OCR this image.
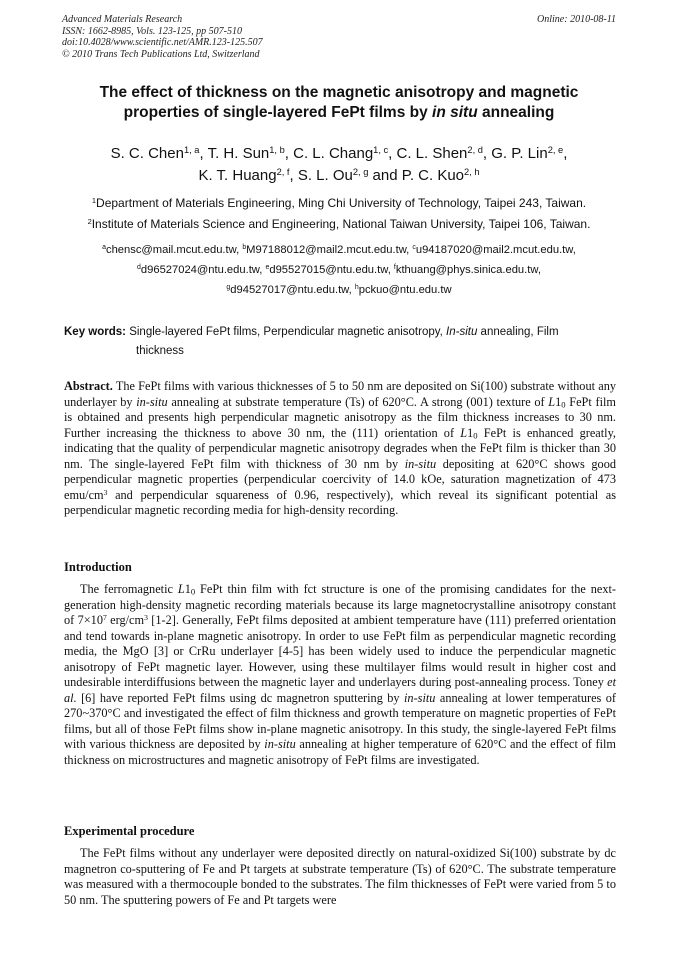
Advanced Materials Research
ISSN: 1662-8985, Vols. 123-125, pp 507-510
doi:10.4028/www.scientific.net/AMR.123-125.507
© 2010 Trans Tech Publications Ltd, Switzerland
Online: 2010-08-11
The effect of thickness on the magnetic anisotropy and magnetic
properties of single-layered FePt films by in situ annealing
S. C. Chen$^{1, a}$, T. H. Sun$^{1, b}$, C. L. Chang$^{1, c}$, C. L. Shen$^{2, d}$, G. P. Lin$^{2, e}$,
K. T. Huang$^{2, f}$, S. L. Ou$^{2, g}$ and P. C. Kuo$^{2, h}$
$^1$Department of Materials Engineering, Ming Chi University of Technology, Taipei 243, Taiwan.
$^2$Institute of Materials Science and Engineering, National Taiwan University, Taipei 106, Taiwan.
$^a$chensc@mail.mcut.edu.tw, $^b$M97188012@mail2.mcut.edu.tw, $^c$u94187020@mail2.mcut.edu.tw,
$^d$d96527024@ntu.edu.tw, $^e$d95527015@ntu.edu.tw, $^f$kthuang@phys.sinica.edu.tw,
$^g$d94527017@ntu.edu.tw, $^h$pckuo@ntu.edu.tw
Key words: Single-layered FePt films, Perpendicular magnetic anisotropy, In-situ annealing, Film
thickness
Abstract. The FePt films with various thicknesses of 5 to 50 nm are deposited on Si(100) substrate without any underlayer by in-situ annealing at substrate temperature (Ts) of 620°C. A strong (001) texture of $L1_0$ FePt film is obtained and presents high perpendicular magnetic anisotropy as the film thickness increases to 30 nm. Further increasing the thickness to above 30 nm, the (111) orientation of $L1_0$ FePt is enhanced greatly, indicating that the quality of perpendicular magnetic anisotropy degrades when the FePt film is thicker than 30 nm. The single-layered FePt film with thickness of 30 nm by in-situ depositing at 620°C shows good perpendicular magnetic properties (perpendicular coercivity of 14.0 kOe, saturation magnetization of 473 emu/$cm^3$ and perpendicular squareness of 0.96, respectively), which reveal its significant potential as perpendicular magnetic recording media for high-density recording.
Introduction
The ferromagnetic $L1_0$ FePt thin film with fct structure is one of the promising candidates for the next-generation high-density magnetic recording materials because its large magnetocrystalline anisotropy constant of $7\times 10^7$ erg/$cm^3$ [1-2]. Generally, FePt films deposited at ambient temperature have (111) preferred orientation and tend towards in-plane magnetic anisotropy. In order to use FePt film as perpendicular magnetic recording media, the MgO [3] or CrRu underlayer [4-5] has been widely used to induce the perpendicular magnetic anisotropy of FePt magnetic layer. However, using these multilayer films would result in higher cost and undesirable interdiffusions between the magnetic layer and underlayers during post-annealing process. Toney et al. [6] have reported FePt films using dc magnetron sputtering by in-situ annealing at lower temperatures of 270~370°C and investigated the effect of film thickness and growth temperature on magnetic properties of FePt films, but all of those FePt films show in-plane magnetic anisotropy. In this study, the single-layered FePt films with various thickness are deposited by in-situ annealing at higher temperature of 620°C and the effect of film thickness on microstructures and magnetic anisotropy of FePt films are investigated.
Experimental procedure
The FePt films without any underlayer were deposited directly on natural-oxidized Si(100) substrate by dc magnetron co-sputtering of Fe and Pt targets at substrate temperature (Ts) of 620°C. The substrate temperature was measured with a thermocouple bonded to the substrates. The film thicknesses of FePt were varied from 5 to 50 nm. The sputtering powers of Fe and Pt targets were
